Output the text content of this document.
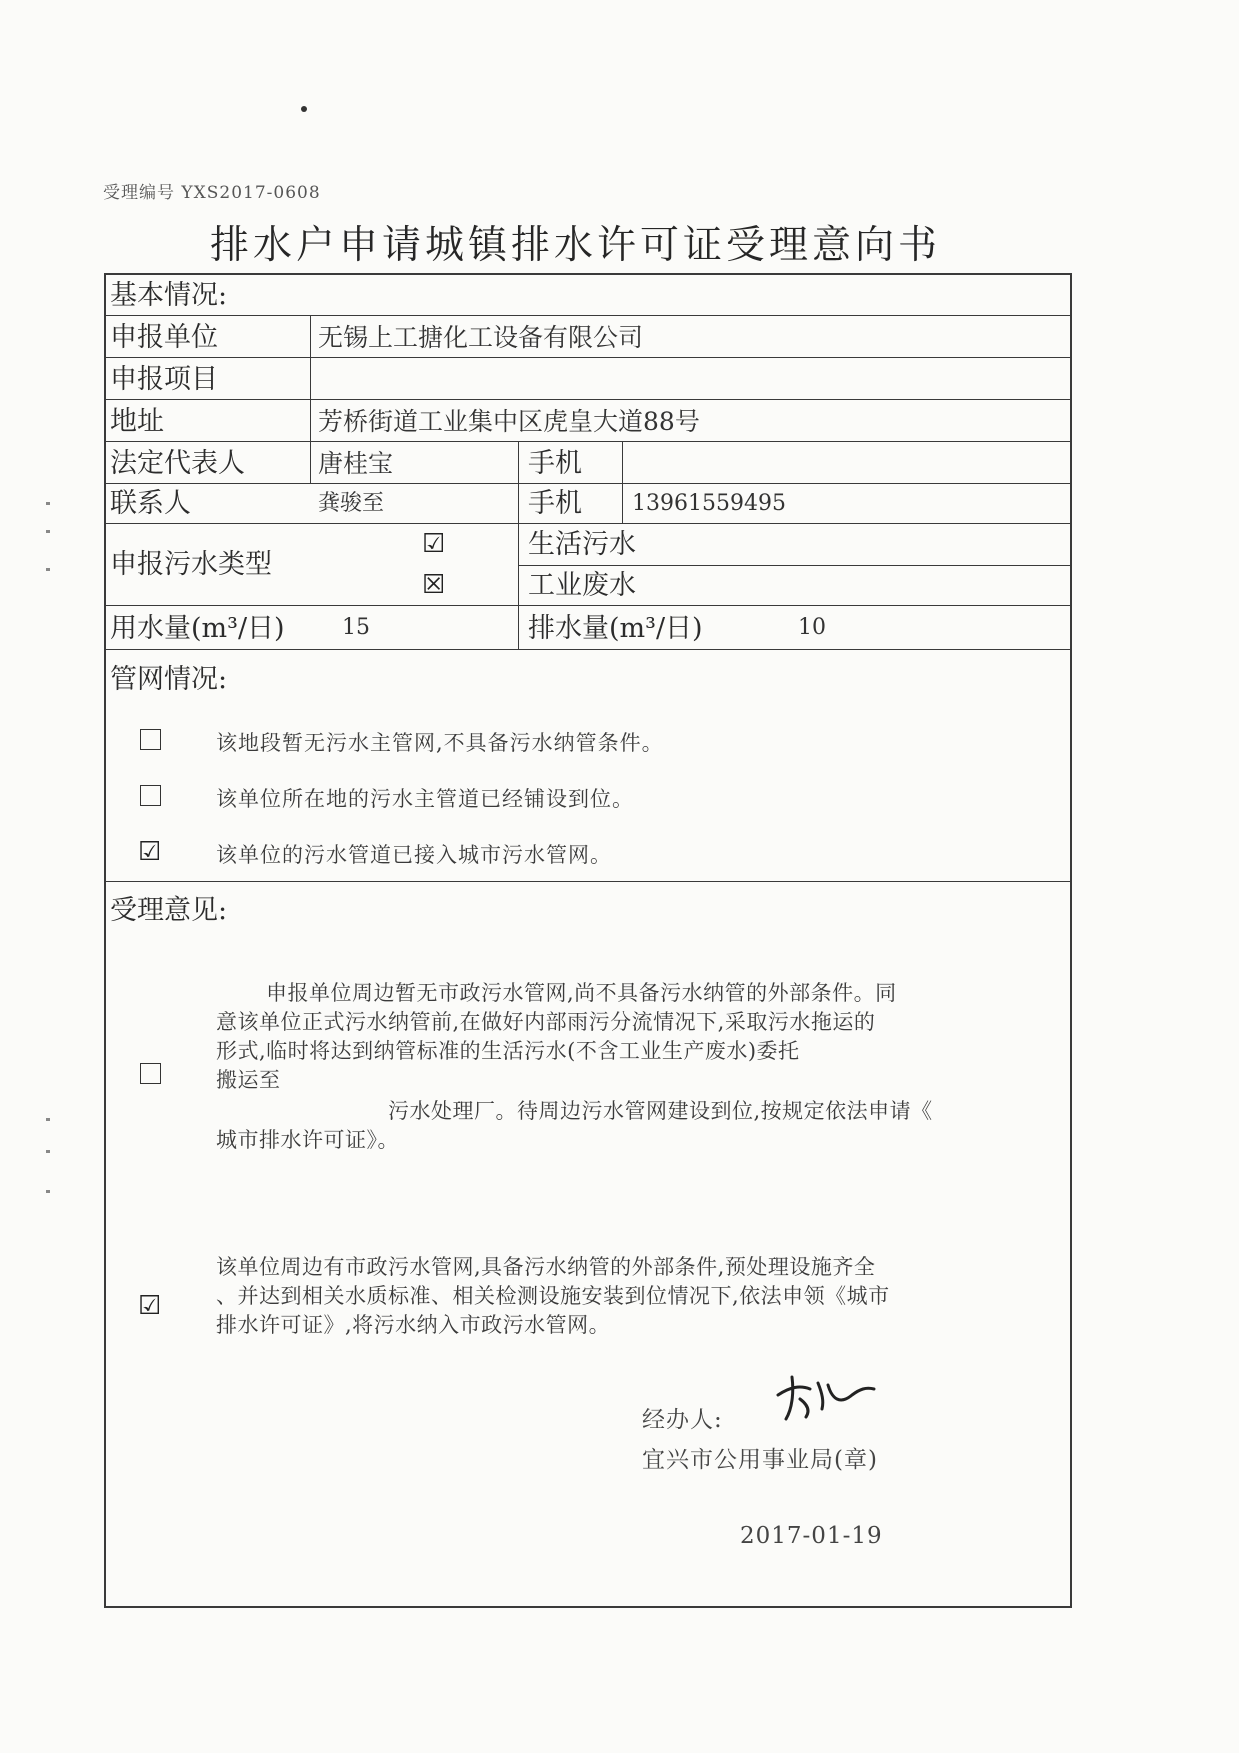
受理编号 YXS2017-0608
排水户申请城镇排水许可证受理意向书
基本情况:
申报单位	无锡上工搪化工设备有限公司
申报项目
地址	芳桥街道工业集中区虎皇大道88号
法定代表人	唐桂宝	手机
联系人	龚骏至	手机 13961559495
申报污水类型
☑	生活污水
☒	工业废水
用水量(m³/日)	15	排水量(m³/日)	10
管网情况:
该地段暂无污水主管网,不具备污水纳管条件。
该单位所在地的污水主管道已经铺设到位。
☑	该单位的污水管道已接入城市污水管网。
受理意见:

申报单位周边暂无市政污水管网,尚不具备污水纳管的外部条件。同

意该单位正式污水纳管前,在做好内部雨污分流情况下,采取污水拖运的

形式,临时将达到纳管标准的生活污水(不含工业生产废水)委托

搬运至

污水处理厂。待周边污水管网建设到位,按规定依法申请《

城市排水许可证》。

☑

该单位周边有市政污水管网,具备污水纳管的外部条件,预处理设施齐全

、并达到相关水质标准、相关检测设施安装到位情况下,依法申领《城市

排水许可证》,将污水纳入市政污水管网。

经办人:
宜兴市公用事业局(章)
2017-01-19
